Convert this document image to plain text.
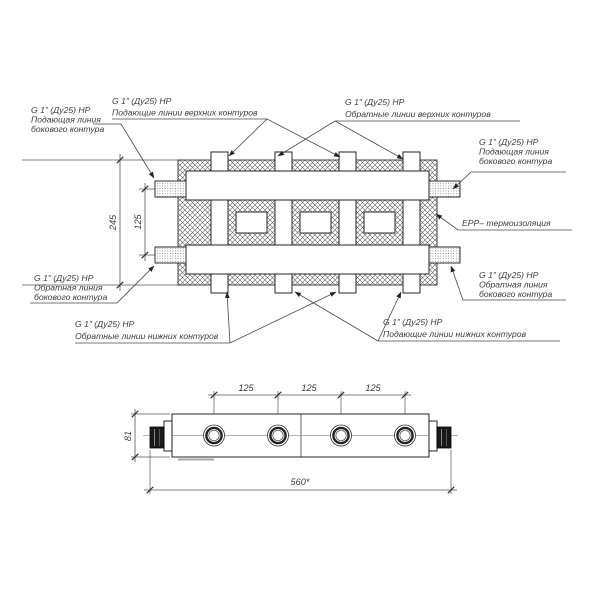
245 125
G 1" (Ду25) НР
Подающая линия
бокового контура
G 1" (Ду25) НР
Подающие линии верхних контуров
G 1" (Ду25) НР
Обратные линии верхних контуров
G 1" (Ду25) НР
Подающая линия
бокового контура
EPP– термоизоляция
G 1" (Ду25) НР
Обратная линия
бокового контура
G 1" (Ду25) НР
Обратная линия
бокового контура
G 1" (Ду25) НР
Обратные линии нижних контуров
G 1" (Ду25) НР
Подающие линии нижних контуров
125	125	125
81
560*
